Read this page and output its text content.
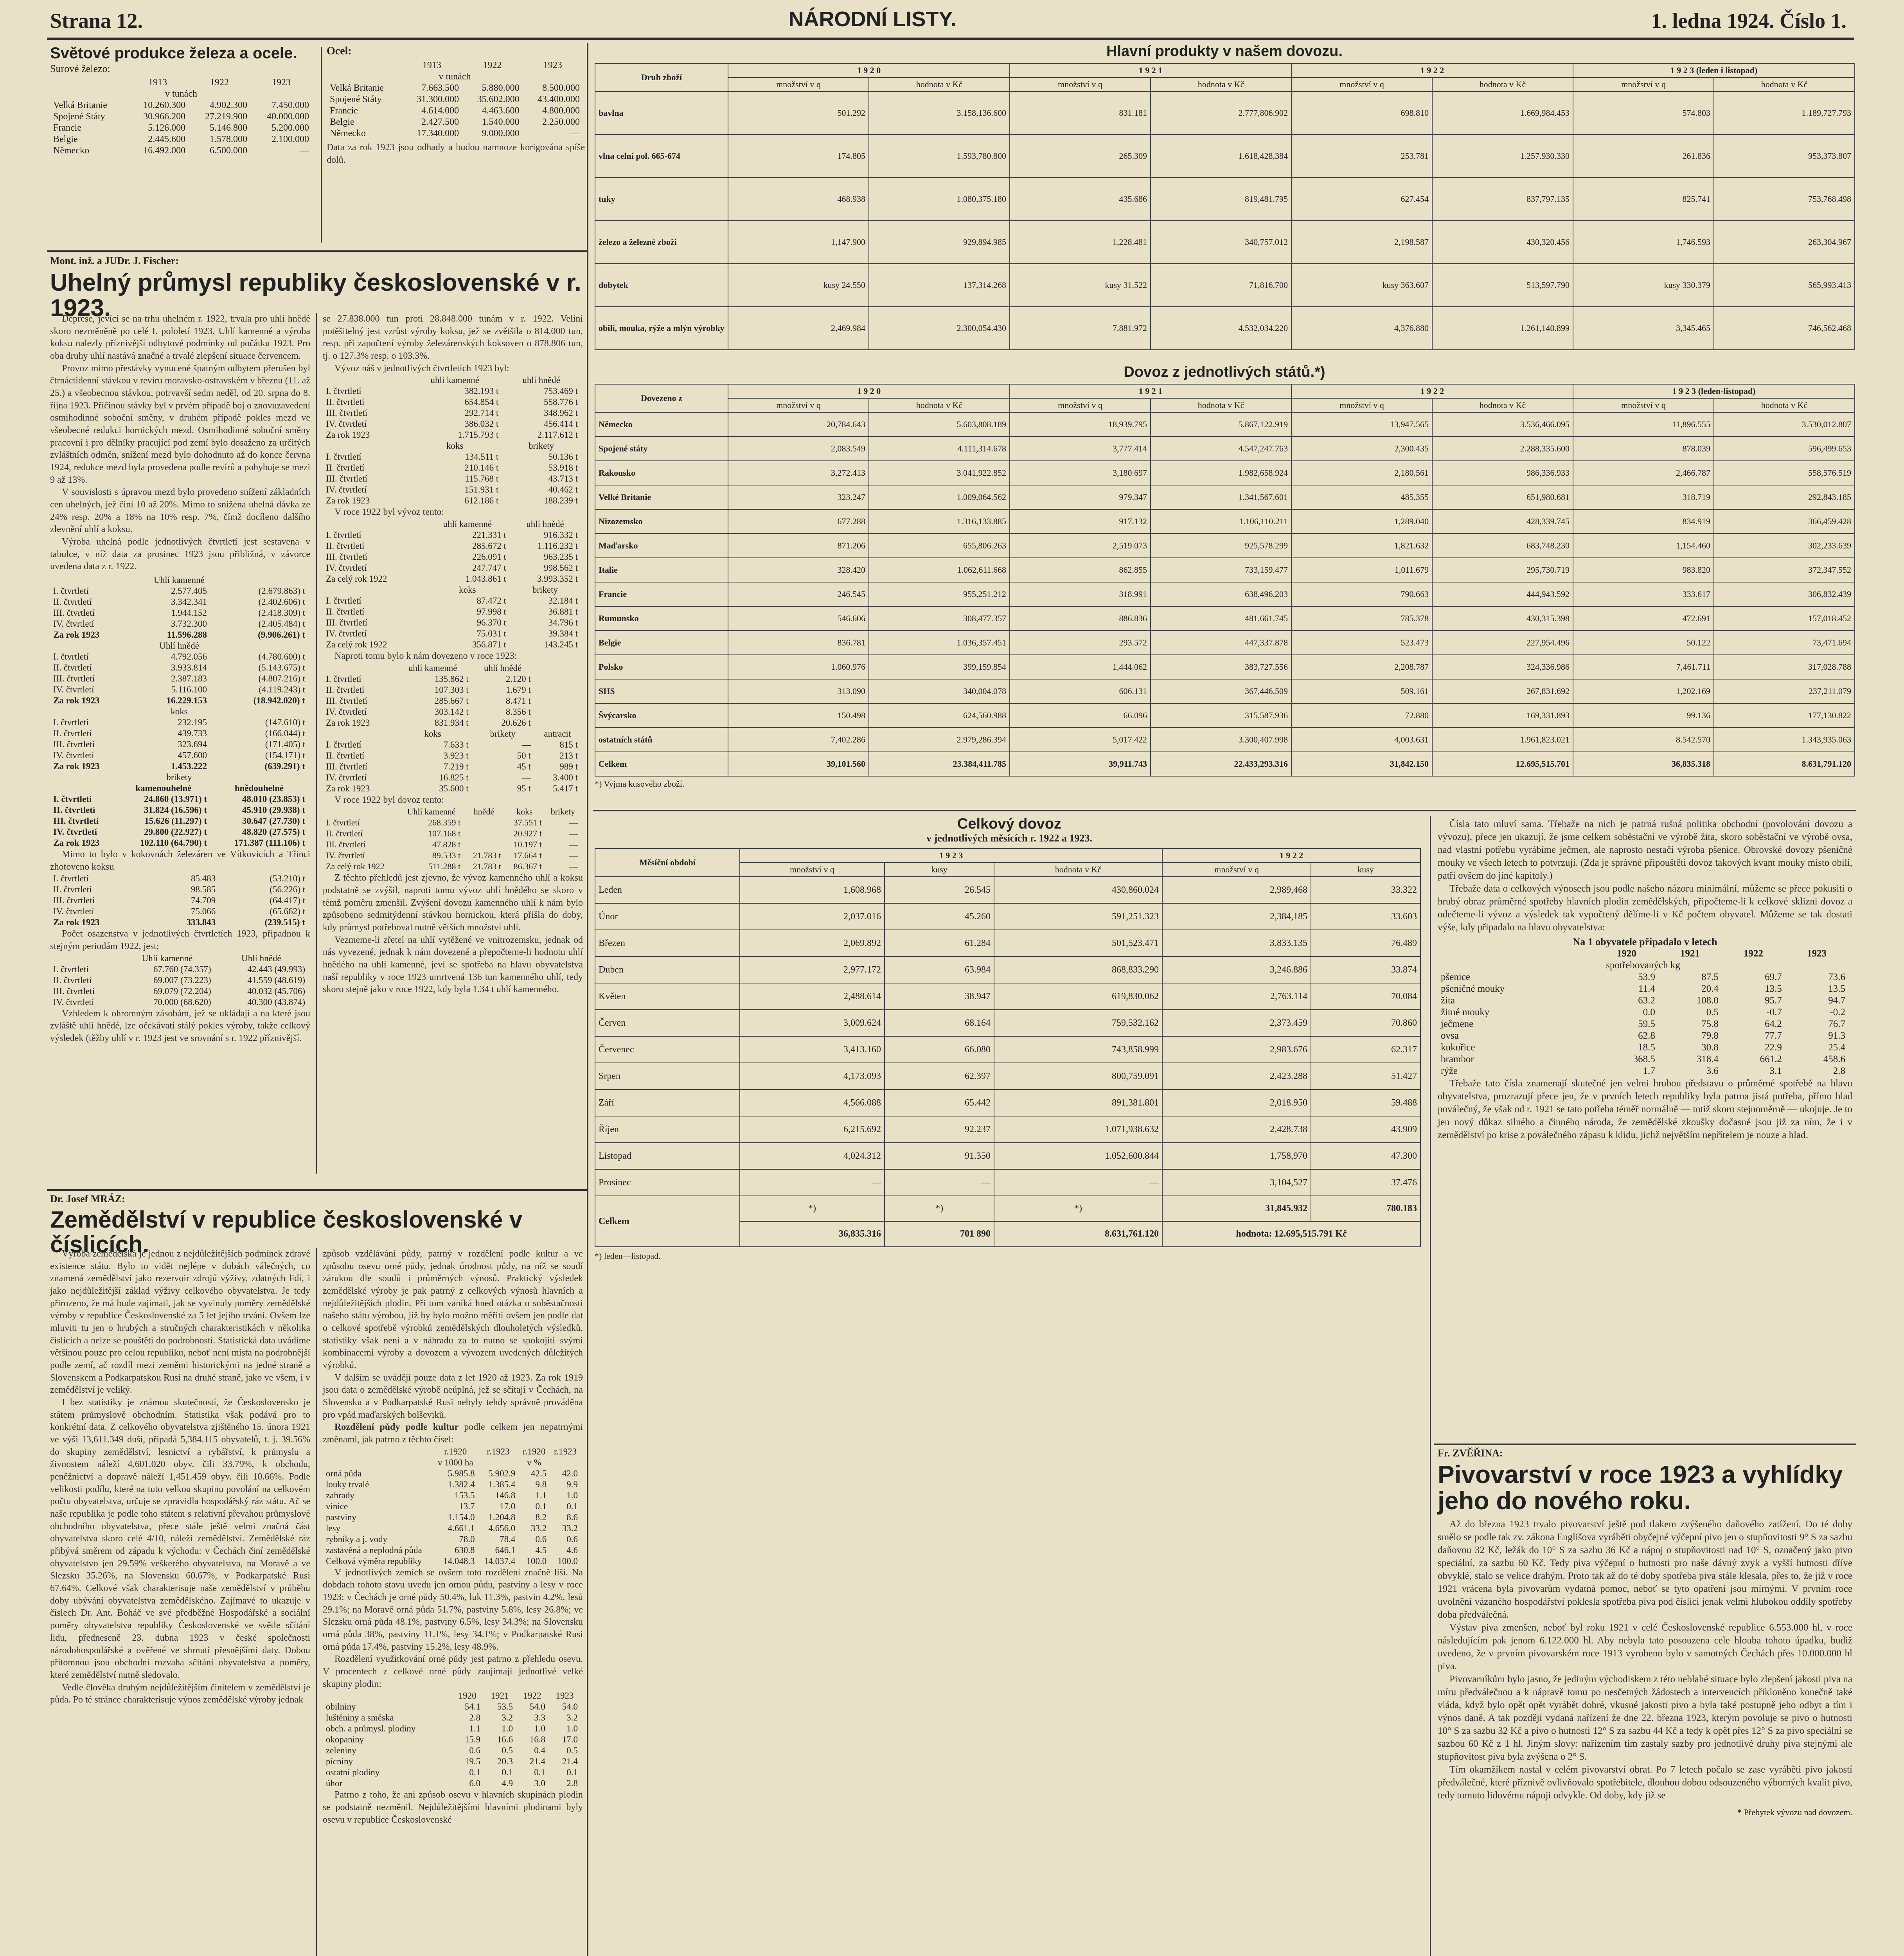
Strana 12.	NÁRODNÍ LISTY.	1. ledna 1924. Číslo 1.
Světové produkce železa a ocele.
Surové železo:
	1913	1922	1923
v tunách			
Velká Britanie	10.260.300	4.902.300	7.450.000
Spojené Státy	30.966.200	27.219.900	40.000.000
Francie	5.126.000	5.146.800	5.200.000
Belgie	2.445.600	1.578.000	2.100.000
Německo	16.492.000	6.500.000	—
Ocel:
	1913	1922	1923
v tunách			
Velká Britanie	7.663.500	5.880.000	8.500.000
Spojené Státy	31.300.000	35.602.000	43.400.000
Francie	4.614.000	4.463.600	4.800.000
Belgie	2.427.500	1.540.000	2.250.000
Německo	17.340.000	9.000.000	—
Data za rok 1923 jsou odhady a budou namnoze korigována spíše dolů.
Mont. inž. a JUDr. J. Fischer:
Uhelný průmysl republiky československé v r. 1923.
Deprese, jevící se na trhu uhelném r. 1922, trvala pro uhlí hnědé skoro nezměněně po celé I. pololetí 1923. Uhlí kamenné a výroba koksu nalezly příznivější odbytové podmínky od počátku 1923. Pro oba druhy uhlí nastává značné a trvalé zlepšení situace červencem.
Provoz mimo přestávky vynucené špatným odbytem přerušen byl čtrnáctidenní stávkou v revíru moravsko-ostravském v březnu (11. až 25.) a všeobecnou stávkou, potrvavší sedm neděl, od 20. srpna do 8. října 1923. Příčinou stávky byl v prvém případě boj o znovuzavedení osmihodinné soboční směny, v druhém případě pokles mezd ve všeobecné redukci hornických mezd. Osmihodinné soboční směny pracovní i pro dělníky pracující pod zemí bylo dosaženo za určitých zvláštních odměn, snížení mezd bylo dohodnuto až do konce června 1924, redukce mezd byla provedena podle revírů a pohybuje se mezi 9 až 13%.
V souvislosti s úpravou mezd bylo provedeno snížení základních cen uhelných, jež činí 10 až 20%. Mimo to snížena uhelná dávka ze 24% resp. 20% a 18% na 10% resp. 7%, čímž docíleno dalšího zlevnění uhlí a koksu.
Výroba uhelná podle jednotlivých čtvrtletí jest sestavena v tabulce, v níž data za prosinec 1923 jsou přibližná, v závorce uvedena data z r. 1922.
Uhlí kamenné		
I. čtvrtletí	2.577.405	(2.679.863) t
II. čtvrtletí	3.342.341	(2.402.606) t
III. čtvrtletí	1.944.152	(2.418.309) t
IV. čtvrtletí	3.732.300	(2.405.484) t
Za rok 1923	11.596.288	(9.906.261) t
Uhlí hnědé		
I. čtvrtletí	4.792.056	(4.780.600) t
II. čtvrtletí	3.933.814	(5.143.675) t
III. čtvrtletí	2.387.183	(4.807.216) t
IV. čtvrtletí	5.116.100	(4.119.243) t
Za rok 1923	16.229.153	(18.942.020) t
koks		
I. čtvrtletí	232.195	(147.610) t
II. čtvrtletí	439.733	(166.044) t
III. čtvrtletí	323.694	(171.405) t
IV. čtvrtletí	457.600	(154.171) t
Za rok 1923	1.453.222	(639.291) t
brikety		
	kamenouhelné	hnědouhelné
I. čtvrtletí	24.860 (13.971) t	48.010 (23.853) t
II. čtvrtletí	31.824 (16.596) t	45.910 (29.938) t
III. čtvrtletí	15.626 (11.297) t	30.647 (27.730) t
IV. čtvrtletí	29.800 (22.927) t	48.820 (27.575) t
Za rok 1923	102.110 (64.790) t	171.387 (111.106) t
Mimo to bylo v kokovnách železáren ve Vítkovicích a Třinci zhotoveno koksu
I. čtvrtletí	85.483	(53.210) t
II. čtvrtletí	98.585	(56.226) t
III. čtvrtletí	74.709	(64.417) t
IV. čtvrtletí	75.066	(65.662) t
Za rok 1923	333.843	(239.515) t
Počet osazenstva v jednotlivých čtvrtletích 1923, připadnou k stejným periodám 1922, jest:
	Uhlí kamenné	Uhlí hnědé
I. čtvrtletí	67.760 (74.357)	42.443 (49.993)
II. čtvrtletí	69.007 (73.223)	41.559 (48.619)
III. čtvrtletí	69.079 (72.204)	40.032 (45.706)
IV. čtvrtletí	70.000 (68.620)	40.300 (43.874)
Vzhledem k ohromným zásobám, jež se ukládají a na které jsou zvláště uhlí hnědé, lze očekávati stálý pokles výroby, takže celkový výsledek (těžby uhlí v r. 1923 jest ve srovnání s r. 1922 příznivější.
se 27.838.000 tun proti 28.848.000 tunám v r. 1922. Veliní potěšitelný jest vzrůst výroby koksu, jež se zvětšila o 814.000 tun, resp. při započtení výroby železárenských koksoven o 878.806 tun, tj. o 127.3% resp. o 103.3%.
Vývoz náš v jednotlivých čtvrtletích 1923 byl:
	uhlí kamenné	uhlí hnědé
I. čtvrtletí	382.193 t	753.469 t
II. čtvrtletí	654.854 t	558.776 t
III. čtvrtletí	292.714 t	348.962 t
IV. čtvrtletí	386.032 t	456.414 t
Za rok 1923	1.715.793 t	2.117.612 t
	koks	brikety
I. čtvrtletí	134.511 t	50.136 t
II. čtvrtletí	210.146 t	53.918 t
III. čtvrtletí	115.768 t	43.713 t
IV. čtvrtletí	151.931 t	40.462 t
Za rok 1923	612.186 t	188.239 t
V roce 1922 byl vývoz tento:
	uhlí kamenné	uhlí hnědé
I. čtvrtletí	221.331 t	916.332 t
II. čtvrtletí	285.672 t	1.116.232 t
III. čtvrtletí	226.091 t	963.235 t
IV. čtvrtletí	247.747 t	998.562 t
Za celý rok 1922	1.043.861 t	3.993.352 t
	koks	brikety
I. čtvrtletí	87.472 t	32.184 t
II. čtvrtletí	97.998 t	36.881 t
III. čtvrtletí	96.370 t	34.796 t
IV. čtvrtletí	75.031 t	39.384 t
Za celý rok 1922	356.871 t	143.245 t
Naproti tomu bylo k nám dovezeno v roce 1923:
	uhlí kamenné	uhlí hnědé	
I. čtvrtletí	135.862 t	2.120 t	
II. čtvrtletí	107.303 t	1.679 t	
III. čtvrtletí	285.667 t	8.471 t	
IV. čtvrtletí	303.142 t	8.356 t	
Za rok 1923	831.934 t	20.626 t	
	koks	brikety	antracit
I. čtvrtletí	7.633 t	—	815 t
II. čtvrtletí	3.923 t	50 t	213 t
III. čtvrtletí	7.219 t	45 t	989 t
IV. čtvrtletí	16.825 t	—	3.400 t
Za rok 1923	35.600 t	95 t	5.417 t
V roce 1922 byl dovoz tento:
	Uhlí kamenné	hnědé	koks	brikety
I. čtvrtletí	268.359 t		37.551 t	—
II. čtvrtletí	107.168 t		20.927 t	—
III. čtvrtletí	47.828 t		10.197 t	—
IV. čtvrtletí	89.533 t	21.783 t	17.664 t	—
Za celý rok 1922	511.288 t	21.783 t	86.367 t	—
Z těchto přehledů jest zjevno, že vývoz kamenného uhlí a koksu podstatně se zvýšil, naproti tomu vývoz uhlí hnědého se skoro v témž poměru zmenšil. Zvýšení dovozu kamenného uhlí k nám bylo způsobeno sedmitýdenní stávkou hornickou, která přišla do doby, kdy průmysl potřeboval nutně větších množství uhlí.
Vezmeme-li zřetel na uhlí vytěžené ve vnitrozemsku, jednak od nás vyvezené, jednak k nám dovezené a přepočteme-li hodnotu uhlí hnědého na uhlí kamenné, jeví se spotřeba na hlavu obyvatelstva naší republiky v roce 1923 umrtvená 136 tun kamenného uhlí, tedy skoro stejně jako v roce 1922, kdy byla 1.34 t uhlí kamenného.
Dr. Josef MRÁZ:
Zemědělství v republice československé v číslicích.
Výroba zemědělská je jednou z nejdůležitějších podmínek zdravé existence státu. Bylo to vidět nejlépe v dobách válečných, co znamená zemědělství jako rezervoir zdrojů výživy, zdatných lidí, i jako nejdůležitější základ výživy celkového obyvatelstva. Je tedy přirozeno, že má bude zajímati, jak se vyvinuly poměry zemědělské výroby v republice Československé za 5 let jejího trvání. Ovšem lze mluviti tu jen o hrubých a stručných charakteristikách v několika číslicích a nelze se pouštěti do podrobností. Statistická data uvádíme většinou pouze pro celou republiku, neboť není místa na podrobnější podle zemí, ač rozdíl mezi zeměmi historickými na jedné straně a Slovenskem a Podkarpatskou Rusí na druhé straně, jako ve všem, i v zemědělství je veliký.
I bez statistiky je známou skutečností, že Československo je státem průmyslově obchodním. Statistika však podává pro to konkrétní data. Z celkového obyvatelstva zjištěného 15. února 1921 ve výši 13,611.349 duší, připadá 5,384.115 obyvatelů, t. j. 39.56% do skupiny zemědělství, lesnictví a rybářství, k průmyslu a živnostem náleží 4,601.020 obyv. čili 33.79%, k obchodu, peněžnictví a dopravě náleží 1,451.459 obyv. čili 10.66%. Podle velikosti podílu, které na tuto velkou skupinu povolání na celkovém počtu obyvatelstva, určuje se zpravidla hospodářský ráz státu. Ač se naše republika je podle toho státem s relativní převahou průmyslové obchodního obyvatelstva, přece stále ještě velmi značná část obyvatelstva skoro celé 4/10, náleží zemědělství. Zemědělské ráz přibývá směrem od západu k východu: v Čechách činí zemědělské obyvatelstvo jen 29.59% veškerého obyvatelstva, na Moravě a ve Slezsku 35.26%, na Slovensku 60.67%, v Podkarpatské Rusi 67.64%. Celkové však charakterisuje naše zemědělství v průběhu doby ubývání obyvatelstva zemědělského. Zajímavé to ukazuje v číslech Dr. Ant. Boháč ve své předběžné Hospodářské a sociální poměry obyvatelstva republiky Československé ve světle sčítání lidu, předneseně 23. dubna 1923 v české společnosti národohospodářské a ověřené ve shrnutí přesnějšími daty. Dobou přítomnou jsou obchodní rozvaha sčítání obyvatelstva a poměry, které zemědělství nutně sledovalo.
Vedle člověka druhým nejdůležitějším činitelem v zemědělství je půda. Po té stránce charakterisuje výnos zemědělské výroby jednak
způsob vzdělávání půdy, patrný v rozdělení podle kultur a ve způsobu osevu orné půdy, jednak úrodnost půdy, na níž se soudí zárukou dle soudů i průměrných výnosů. Praktický výsledek zemědělské výroby je pak patrný z celkových výnosů hlavních a nejdůležitějších plodin. Při tom vaníká hned otázka o soběstačnosti našeho státu výrobou, jíž by bylo možno měřiti ovšem jen podle dat o celkové spotřebě výrobků zemědělských dlouholetých výsledků, statistiky však není a v náhradu za to nutno se spokojiti svými kombinacemi výroby a dovozem a vývozem uvedených důležitých výrobků.
V dalším se uvádějí pouze data z let 1920 až 1923. Za rok 1919 jsou data o zemědělské výrobě neúplná, jež se sčítají v Čechách, na Slovensku a v Podkarpatské Rusi nebyly tehdy správně prováděna pro vpád maďarských bolševiků.
Rozdělení půdy podle kultur podle celkem jen nepatrnými změnami, jak patrno z těchto čísel:
	r.1920	r.1923	r.1920	r.1923
	v 1000 ha		v %	
orná půda	5.985.8	5.902.9	42.5	42.0
louky trvalé	1.382.4	1.385.4	9.8	9.9
zahrady	153.5	146.8	1.1	1.0
vinice	13.7	17.0	0.1	0.1
pastviny	1.154.0	1.204.8	8.2	8.6
lesy	4.661.1	4.656.0	33.2	33.2
rybníky a j. vody	78.0	78.4	0.6	0.6
zastavěná a neplodná půda	630.8	646.1	4.5	4.6
Celková výměra republiky	14.048.3	14.037.4	100.0	100.0
V jednotlivých zemích se ovšem toto rozdělení značně liší. Na dobdach tohoto stavu uvedu jen ornou půdu, pastviny a lesy v roce 1923: v Čechách je orné půdy 50.4%, luk 11.3%, pastvin 4.2%, lesů 29.1%; na Moravě orná půda 51.7%, pastviny 5.8%, lesy 26.8%; ve Slezsku orná půda 48.1%, pastviny 6.5%, lesy 34.3%; na Slovensku orná půda 38%, pastviny 11.1%, lesy 34.1%; v Podkarpatské Rusi orná půda 17.4%, pastviny 15.2%, lesy 48.9%.
Rozdělení využitkování orné půdy jest patrno z přehledu osevu. V procentech z celkové orné půdy zaujímají jednotlivé velké skupiny plodin:
	1920	1921	1922	1923
obilniny	54.1	53.5	54.0	54.0
luštěniny a směska	2.8	3.2	3.3	3.2
obch. a průmysl. plodiny	1.1	1.0	1.0	1.0
okopaniny	15.9	16.6	16.8	17.0
zeleniny	0.6	0.5	0.4	0.5
pícniny	19.5	20.3	21.4	21.4
ostatní plodiny	0.1	0.1	0.1	0.1
úhor	6.0	4.9	3.0	2.8
Patrno z toho, že ani způsob osevu v hlavních skupinách plodin se podstatně nezměnil. Nejdůležitějšími hlavními plodinami byly osevu v republice Československé

Hlavní produkty v našem dovozu.
Druh zboží	1 9 2 0		1 9 2 1		1 9 2 2		1 9 2 3 (leden i listopad)	
	množství v q	hodnota v Kč	množství v q	hodnota v Kč	množství v q	hodnota v Kč	množství v q	hodnota v Kč
bavlna	501.292	3.158,136.600	831.181	2.777,806.902	698.810	1.669,984.453	574.803	1.189,727.793
vlna celní pol. 665-674	174.805	1.593,780.800	265.309	1.618,428,384	253.781	1.257.930.330	261.836	953,373.807
tuky	468.938	1.080,375.180	435.686	819,481.795	627.454	837,797.135	825.741	753,768.498
železo a železné zboží	1,147.900	929,894.985	1,228.481	340,757.012	2,198.587	430,320.456	1,746.593	263,304.967
dobytek	kusy 24.550	137,314.268	kusy 31.522	71,816.700	kusy 363.607	513,597.790	kusy 330.379	565,993.413
obilí, mouka, rýže a mlýn výrobky	2,469.984	2.300,054.430	7,881.972	4.532,034.220	4,376.880	1.261,140.899	3,345.465	746,562.468
Dovoz z jednotlivých států.*)
Dovezeno z	1 9 2 0		1 9 2 1		1 9 2 2		1 9 2 3 (leden-listopad)	
	množství v q	hodnota v Kč	množství v q	hodnota v Kč	množství v q	hodnota v Kč	množství v q	hodnota v Kč
Německo	20,784.643	5.603,808.189	18,939.795	5.867,122.919	13,947.565	3.536,466.095	11,896.555	3.530,012.807
Spojené státy	2,083.549	4.111,314.678	3,777.414	4.547,247.763	2,300.435	2.288,335.600	878.039	596,499.653
Rakousko	3,272.413	3.041,922.852	3,180.697	1.982,658.924	2,180.561	986,336.933	2,466.787	558,576.519
Velké Britanie	323.247	1.009,064.562	979.347	1.341,567.601	485.355	651,980.681	318.719	292,843.185
Nizozemsko	677.288	1.316,133.885	917.132	1.106,110.211	1,289.040	428,339.745	834.919	366,459.428
Maďarsko	871.206	655,806.263	2,519.073	925,578.299	1,821.632	683,748.230	1,154.460	302,233.639
Italie	328.420	1.062,611.668	862.855	733,159.477	1,011.679	295,730.719	983.820	372,347.552
Francie	246.545	955,251.212	318.991	638,496.203	790.663	444,943.592	333.617	306,832.439
Rumunsko	546.606	308,477.357	886.836	481,661.745	785.378	430,315.398	472.691	157,018.452
Belgie	836.781	1.036,357.451	293.572	447,337.878	523.473	227,954.496	50.122	73,471.694
Polsko	1.060.976	399,159.854	1,444.062	383,727.556	2,208.787	324,336.986	7,461.711	317,028.788
SHS	313.090	340,004.078	606.131	367,446.509	509.161	267,831.692	1,202.169	237,211.079
Švýcarsko	150.498	624,560.988	66.096	315,587.936	72.880	169,331.893	99.136	177,130.822
ostatních států	7,402.286	2.979,286.394	5,017.422	3.300,407.998	4,003.631	1.961,823.021	8.542.570	1.343,935.063
Celkem	39,101.560	23.384,411.785	39,911.743	22.433,293.316	31,842.150	12.695,515.701	36,835.318	8.631,791.120
*) Vyjma kusového zboží.
Celkový dovoz
v jednotlivých měsících r. 1922 a 1923.
Měsíční období	1 9 2 3			1 9 2 2	
	množství v q	kusy	hodnota v Kč	množství v q	kusy
Leden	1,608.968	26.545	430,860.024	2,989,468	33.322
Únor	2,037.016	45.260	591,251.323	2,384,185	33.603
Březen	2,069.892	61.284	501,523.471	3,833.135	76.489
Duben	2,977.172	63.984	868,833.290	3,246.886	33.874
Květen	2,488.614	38.947	619,830.062	2,763.114	70.084
Červen	3,009.624	68.164	759,532.162	2,373.459	70.860
Červenec	3,413.160	66.080	743,858.999	2,983.676	62.317
Srpen	4,173.093	62.397	800,759.091	2,423.288	51.427
Září	4,566.088	65.442	891,381.801	2,018.950	59.488
Říjen	6,215.692	92.237	1.071,938.632	2,428.738	43.909
Listopad	4,024.312	91.350	1.052,600.844	1,758,970	47.300
Prosinec	—	—	—	3,104,527	37.476
Celkem	*)	*)	*)	31,845.932	780.183
	36,835.316	701 890	8.631,761.120	hodnota: 12.695,515.791 Kč	
*) leden—listopad.
Čísla tato mluví sama. Třebaže na nich je patrná rušná politika obchodní (povolování dovozu a vývozu), přece jen ukazují, že jsme celkem soběstační ve výrobě žita, skoro soběstační ve výrobě ovsa, nad vlastní potřebu vyrábíme ječmen, ale naprosto nestačí výroba pšenice. Obrovské dovozy pšeničné mouky ve všech letech to potvrzují. (Zda je správné připouštěti dovoz takových kvant mouky místo obilí, patří ovšem do jiné kapitoly.)
Třebaže data o celkových výnosech jsou podle našeho názoru minimální, můžeme se přece pokusiti o hrubý obraz průměrné spotřeby hlavních plodin zemědělských, připočteme-li k celkové sklizni dovoz a odečteme-li vývoz a výsledek tak vypočtený dělíme-li v Kč počtem obyvatel. Můžeme se tak dostati výše, kdy připadalo na hlavu obyvatelstva:
Na 1 obyvatele připadalo v letech
	1920	1921	1922	1923
spotřebovaných kg				
pšenice	53.9	87.5	69.7	73.6
pšeničné mouky	11.4	20.4	13.5	13.5
žita	63.2	108.0	95.7	94.7
žitné mouky	0.0	0.5	-0.7	-0.2
ječmene	59.5	75.8	64.2	76.7
ovsa	62.8	79.8	77.7	91.3
kukuřice	18.5	30.8	22.9	25.4
brambor	368.5	318.4	661.2	458.6
rýže	1.7	3.6	3.1	2.8
Třebaže tato čísla znamenají skutečné jen velmi hrubou představu o průměrné spotřebě na hlavu obyvatelstva, prozrazují přece jen, že v prvních letech republiky byla patrna jistá potřeba, přímo hlad poválečný, že však od r. 1921 se tato potřeba téměř normálně — totiž skoro stejnoměrně — ukojuje. Je to jen nový důkaz silného a činného národa, že zemědělské zkoušky dočasné jsou již za ním, že i v zemědělství po krise z poválečného zápasu k klidu, jichž největším nepřítelem je nouze a hlad.
Fr. ZVĚŘINA:
Pivovarství v roce 1923 a vyhlídky jeho do nového roku.
Až do března 1923 trvalo pivovarství ještě pod tlakem zvýšeného daňového zatížení. Do té doby smělo se podle tak zv. zákona Englišova vyráběti obyčejné výčepní pivo jen o stupňovitosti 9° S za sazbu daňovou 32 Kč, ležák do 10° S za sazbu 36 Kč a nápoj o stupňovitosti nad 10° S, označený jako pivo speciální, za sazbu 60 Kč. Tedy piva výčepní o hutnosti pro naše dávný zvyk a vyšší hutnosti dříve obvyklé, stalo se velice drahým. Proto tak až do té doby spotřeba piva stále klesala, přes to, že již v roce 1921 vrácena byla pivovarům vydatná pomoc, neboť se tyto opatření jsou mírnými. V prvním roce uvolnění vázaného hospodářství poklesla spotřeba piva pod číslici jenak velmi hlubokou oddíly spotřeby doba předválečná.
Výstav piva zmenšen, neboť byl roku 1921 v celé Československé republice 6.553.000 hl, v roce následujícím pak jenom 6.122.000 hl. Aby nebyla tato posouzena cele hlouba tohoto úpadku, budiž uvedeno, že v prvním pivovarském roce 1913 vyrobeno bylo v samotných Čechách přes 10.000.000 hl piva.
Pivovarníkům bylo jasno, že jediným východiskem z této neblahé situace bylo zlepšení jakosti piva na míru předválečnou a k nápravě tomu po nesčetných žádostech a intervencích přikloněno konečně také vláda, když bylo opět opět vyrábět dobré, vkusné jakosti pivo a byla také postupně jeho odbyt a tím i výnos daně. A tak později vydaná nařízení že dne 22. března 1923, kterým povoluje se pivo o hutnosti 10° S za sazbu 32 Kč a pivo o hutnosti 12° S za sazbu 44 Kč a tedy k opět přes 12° S za pivo speciální se sazbou 60 Kč z 1 hl. Jiným slovy: nařízením tím zastaly sazby pro jednotlivé druhy piva stejnými ale stupňovitost piva byla zvýšena o 2° S.
Tím okamžikem nastal v celém pivovarství obrat. Po 7 letech počalo se zase vyráběti pivo jakostí předválečné, které příznivě ovlivňovalo spotřebitele, dlouhou dobou odsouzeného výborných kvalit pivo, tedy tomuto lidovému nápoji odvykle. Od doby, kdy již se
* Přebytek vývozu nad dovozem.
